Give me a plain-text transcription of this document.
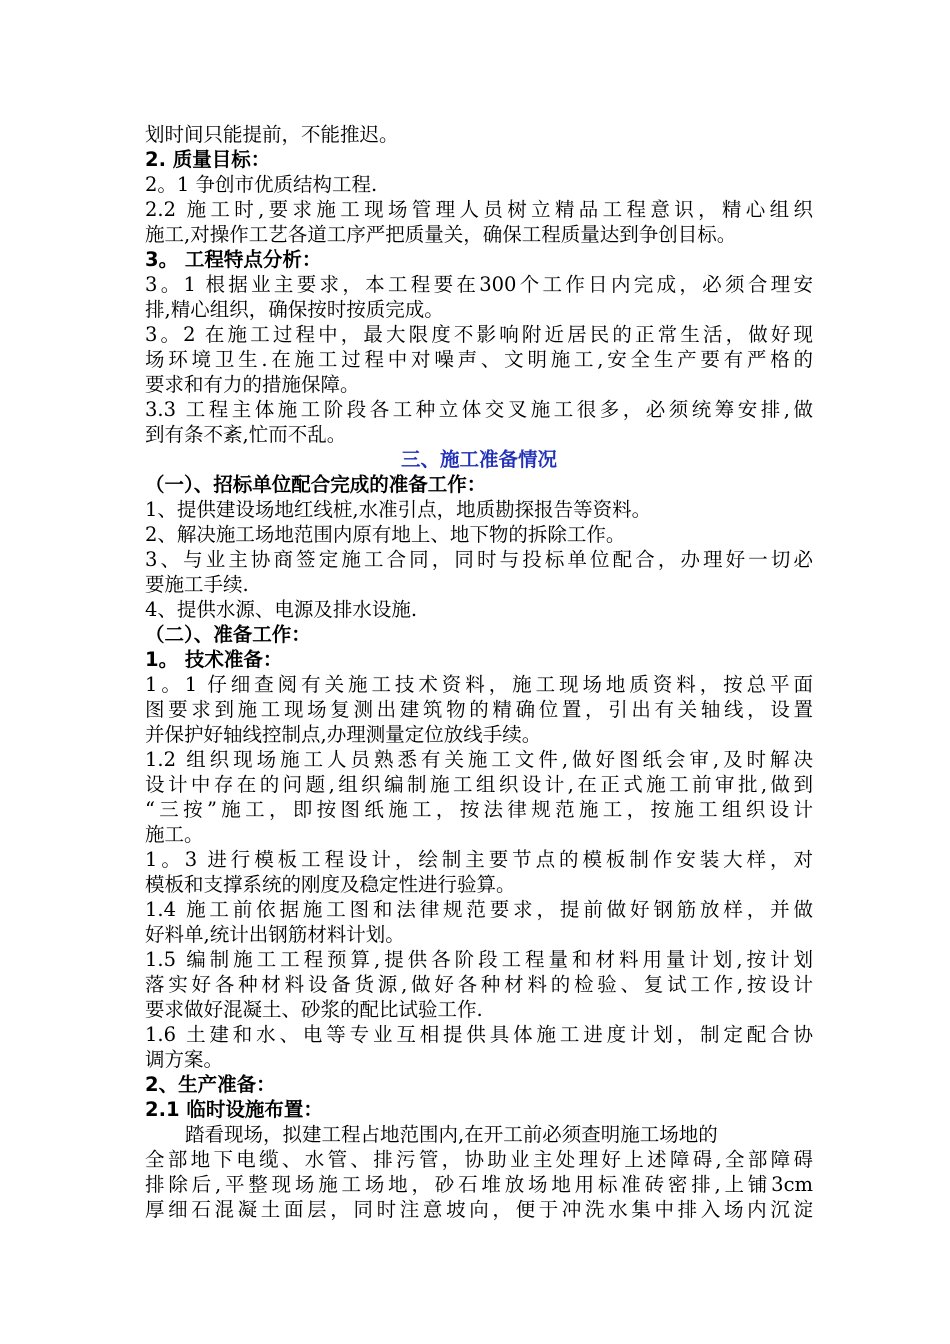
划时间只能提前，不能推迟。
2. 质量目标：
2。1 争创市优质结构工程.
2.2 施工时,要求施工现场管理人员树立精品工程意识，精心组织
施工,对操作工艺各道工序严把质量关，确保工程质量达到争创目标。
3。 工程特点分析：
3。1 根据业主要求，本工程要在300个工作日内完成，必须合理安
排,精心组织，确保按时按质完成。
3。2 在施工过程中，最大限度不影响附近居民的正常生活，做好现
场环境卫生.在施工过程中对噪声、文明施工,安全生产要有严格的
要求和有力的措施保障。
3.3 工程主体施工阶段各工种立体交叉施工很多，必须统筹安排,做
到有条不紊,忙而不乱。
三、施工准备情况
（一）、招标单位配合完成的准备工作：
1、提供建设场地红线桩,水准引点，地质勘探报告等资料。
2、解决施工场地范围内原有地上、地下物的拆除工作。
3、与业主协商签定施工合同，同时与投标单位配合，办理好一切必
要施工手续.
4、提供水源、电源及排水设施.
（二）、准备工作：
1。 技术准备：
1。1 仔细查阅有关施工技术资料，施工现场地质资料，按总平面
图要求到施工现场复测出建筑物的精确位置，引出有关轴线，设置
并保护好轴线控制点,办理测量定位放线手续。
1.2 组织现场施工人员熟悉有关施工文件,做好图纸会审,及时解决
设计中存在的问题,组织编制施工组织设计,在正式施工前审批,做到
“三按”施工，即按图纸施工，按法律规范施工，按施工组织设计
施工。
1。3 进行模板工程设计，绘制主要节点的模板制作安装大样，对
模板和支撑系统的刚度及稳定性进行验算。
1.4 施工前依据施工图和法律规范要求，提前做好钢筋放样，并做
好料单,统计出钢筋材料计划。
1.5 编制施工工程预算,提供各阶段工程量和材料用量计划,按计划
落实好各种材料设备货源,做好各种材料的检验、复试工作,按设计
要求做好混凝土、砂浆的配比试验工作.
1.6 土建和水、电等专业互相提供具体施工进度计划，制定配合协
调方案。
2、生产准备：
2.1 临时设施布置：
踏看现场，拟建工程占地范围内,在开工前必须查明施工场地的
全部地下电缆、水管、排污管，协助业主处理好上述障碍,全部障碍
排除后,平整现场施工场地，砂石堆放场地用标准砖密排,上铺3cm
厚细石混凝土面层，同时注意坡向，便于冲洗水集中排入场内沉淀
